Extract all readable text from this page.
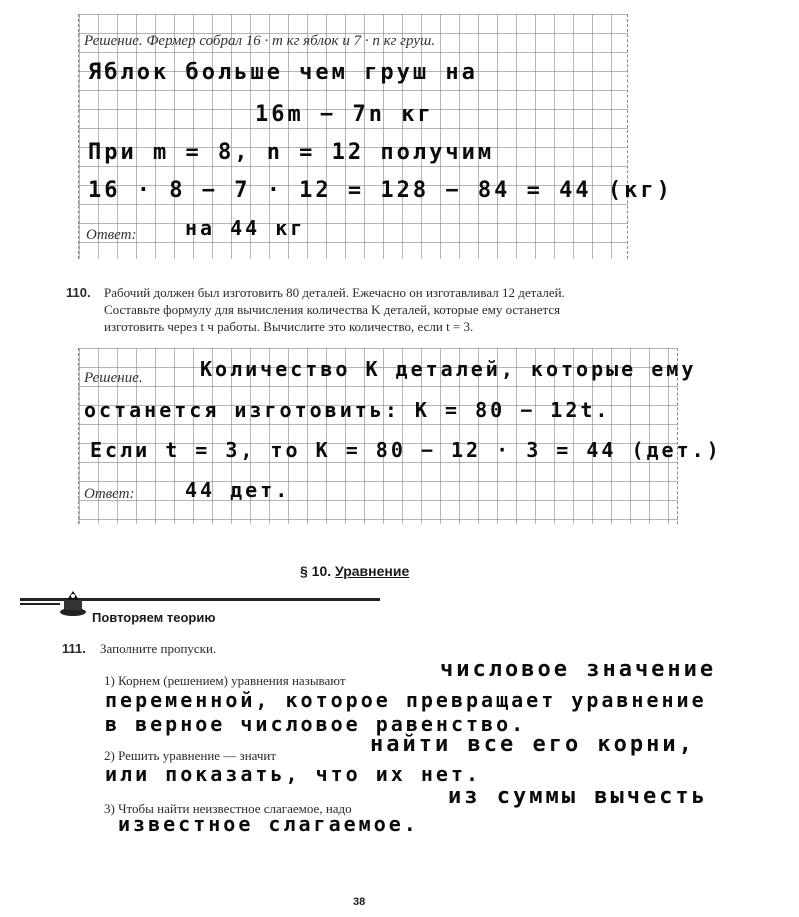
Решение. Фермер собрал 16 · m кг яблок и 7 · n кг груш.
Яблок больше чем груш на
16m − 7n кг
При m = 8, n = 12 получим
16 · 8 − 7 · 12 = 128 − 84 = 44 (кг)
Ответ: на 44 кг
110. Рабочий должен был изготовить 80 деталей. Ежечасно он изготавливал 12 деталей.
Составьте формулу для вычисления количества K деталей, которые ему останется
изготовить через t ч работы. Вычислите это количество, если t = 3.
Решение.	Количество K деталей, которые ему
останется изготовить: K = 80 − 12t.
Если t = 3, то K = 80 − 12 · 3 = 44 (дет.)
Ответ:	44 дет.
§ 10. Уравнение
Повторяем теорию
111. Заполните пропуски.
1) Корнем (решением) уравнения называют	числовое значение
переменной, которое превращает уравнение
в верное числовое равенство.
2) Решить уравнение — значит	найти все его корни,
или показать, что их нет.
3) Чтобы найти неизвестное слагаемое, надо	из суммы вычесть
известное слагаемое.
38
